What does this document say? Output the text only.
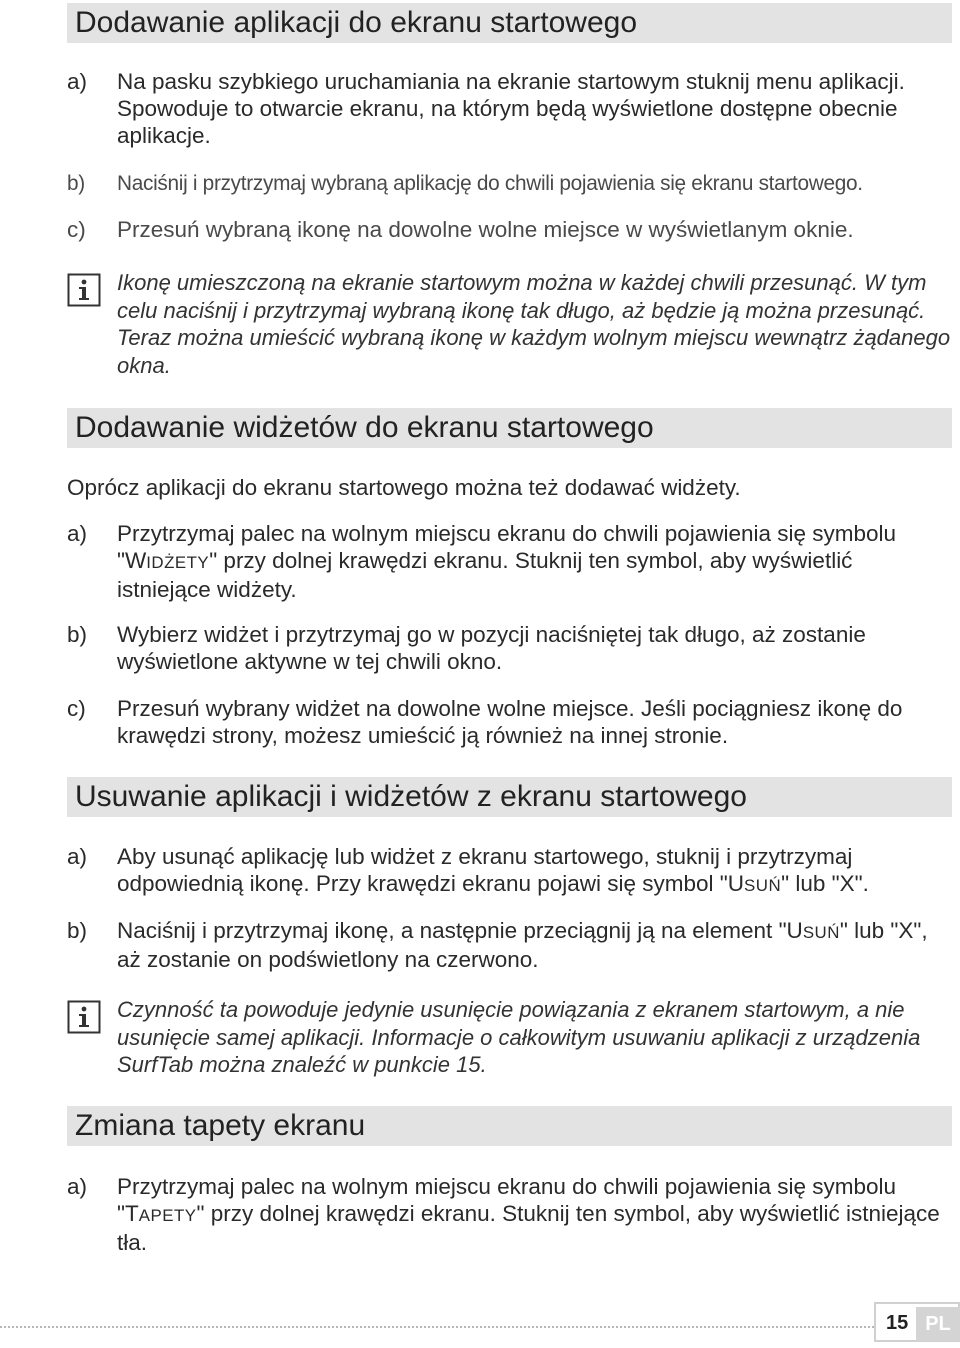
Dodawanie aplikacji do ekranu startowego
a) Na pasku szybkiego uruchamiania na ekranie startowym stuknij menu aplikacji. Spowoduje to otwarcie ekranu, na którym będą wyświetlone dostępne obecnie aplikacje.
b) Naciśnij i przytrzymaj wybraną aplikację do chwili pojawienia się ekranu startowego.
c) Przesuń wybraną ikonę na dowolne wolne miejsce w wyświetlanym oknie.
Ikonę umieszczoną na ekranie startowym można w każdej chwili przesunąć. W tym celu naciśnij i przytrzymaj wybraną ikonę tak długo, aż będzie ją można przesunąć. Teraz można umieścić wybraną ikonę w każdym wolnym miejscu wewnątrz żądanego okna.
Dodawanie widżetów do ekranu startowego
Oprócz aplikacji do ekranu startowego można też dodawać widżety.
a) Przytrzymaj palec na wolnym miejscu ekranu do chwili pojawienia się symbolu "WIDŻETY" przy dolnej krawędzi ekranu. Stuknij ten symbol, aby wyświetlić istniejące widżety.
b) Wybierz widżet i przytrzymaj go w pozycji naciśniętej tak długo, aż zostanie wyświetlone aktywne w tej chwili okno.
c) Przesuń wybrany widżet na dowolne wolne miejsce. Jeśli pociągniesz ikonę do krawędzi strony, możesz umieścić ją również na innej stronie.
Usuwanie aplikacji i widżetów z ekranu startowego
a) Aby usunąć aplikację lub widżet z ekranu startowego, stuknij i przytrzymaj odpowiednią ikonę. Przy krawędzi ekranu pojawi się symbol "USUŃ" lub "X".
b) Naciśnij i przytrzymaj ikonę, a następnie przeciągnij ją na element "USUŃ" lub "X", aż zostanie on podświetlony na czerwono.
Czynność ta powoduje jedynie usunięcie powiązania z ekranem startowym, a nie usunięcie samej aplikacji. Informacje o całkowitym usuwaniu aplikacji z urządzenia SurfTab można znaleźć w punkcie 15.
Zmiana tapety ekranu
a) Przytrzymaj palec na wolnym miejscu ekranu do chwili pojawienia się symbolu "TAPETY" przy dolnej krawędzi ekranu. Stuknij ten symbol, aby wyświetlić istniejące tła.
15 PL
